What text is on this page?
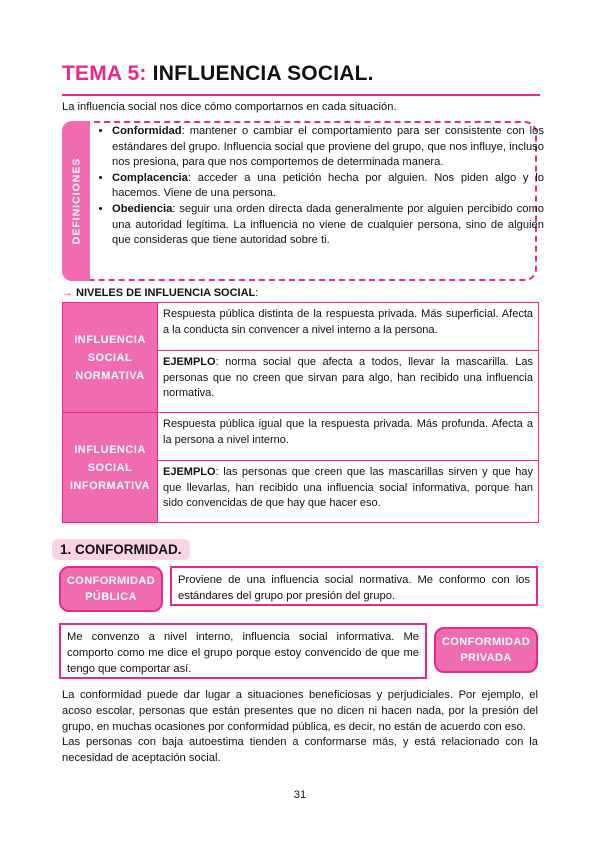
TEMA 5: INFLUENCIA SOCIAL.
La influencia social nos dice cómo comportarnos en cada situación.
DEFINICIONES
• Conformidad: mantener o cambiar el comportamiento para ser consistente con los estándares del grupo. Influencia social que proviene del grupo, que nos influye, incluso nos presiona, para que nos comportemos de determinada manera.
• Complacencia: acceder a una petición hecha por alguien. Nos piden algo y lo hacemos. Viene de una persona.
• Obediencia: seguir una orden directa dada generalmente por alguien percibido como una autoridad legítima. La influencia no viene de cualquier persona, sino de alguien que consideras que tiene autoridad sobre ti.
→ NIVELES DE INFLUENCIA SOCIAL:
INFLUENCIA SOCIAL NORMATIVA	Respuesta pública distinta de la respuesta privada. Más superficial. Afecta a la conducta sin convencer a nivel interno a la persona.
	EJEMPLO: norma social que afecta a todos, llevar la mascarilla. Las personas que no creen que sirvan para algo, han recibido una influencia normativa.
INFLUENCIA SOCIAL INFORMATIVA	Respuesta pública igual que la respuesta privada. Más profunda. Afecta a la persona a nivel interno.
	EJEMPLO: las personas que creen que las mascarillas sirven y que hay que llevarlas, han recibido una influencia social informativa, porque han sido convencidas de que hay que hacer eso.
1. CONFORMIDAD.
CONFORMIDAD PÚBLICA
Proviene de una influencia social normativa. Me conformo con los estándares del grupo por presión del grupo.
Me convenzo a nivel interno, influencia social informativa. Me comporto como me dice el grupo porque estoy convencido de que me tengo que comportar así.
CONFORMIDAD PRIVADA

La conformidad puede dar lugar a situaciones beneficiosas y perjudiciales. Por ejemplo, el acoso escolar, personas que están presentes que no dicen ni hacen nada, por la presión del grupo, en muchas ocasiones por conformidad pública, es decir, no están de acuerdo con eso.

Las personas con baja autoestima tienden a conformarse más, y está relacionado con la necesidad de aceptación social.

31
